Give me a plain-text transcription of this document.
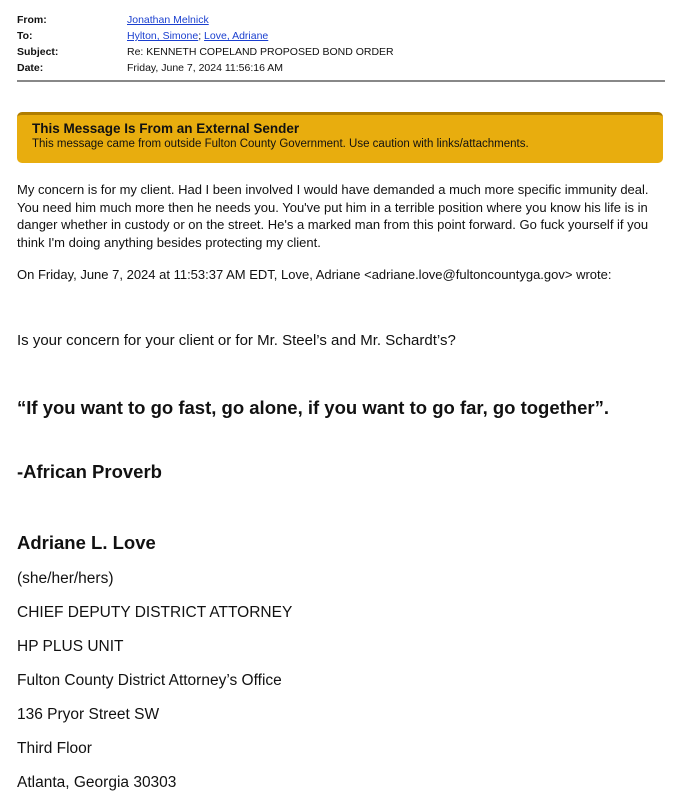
From:	Jonathan Melnick
To:	Hylton, Simone; Love, Adriane
Subject:	Re: KENNETH COPELAND PROPOSED BOND ORDER
Date:	Friday, June 7, 2024 11:56:16 AM
This Message Is From an External Sender
This message came from outside Fulton County Government. Use caution with links/attachments.
My concern is for my client. Had I been involved I would have demanded a much more specific immunity deal. You need him much more then he needs you. You've put him in a terrible position where you know his life is in danger whether in custody or on the street. He's a marked man from this point forward. Go fuck yourself if you think I'm doing anything besides protecting my client.
On Friday, June 7, 2024 at 11:53:37 AM EDT, Love, Adriane <adriane.love@fultoncountyga.gov> wrote:
Is your concern for your client or for Mr. Steel’s and Mr. Schardt’s?
“If you want to go fast, go alone, if you want to go far, go together”.
-African Proverb
Adriane L. Love
(she/her/hers)
CHIEF DEPUTY DISTRICT ATTORNEY
HP PLUS UNIT
Fulton County District Attorney’s Office
136 Pryor Street SW
Third Floor
Atlanta, Georgia 30303
